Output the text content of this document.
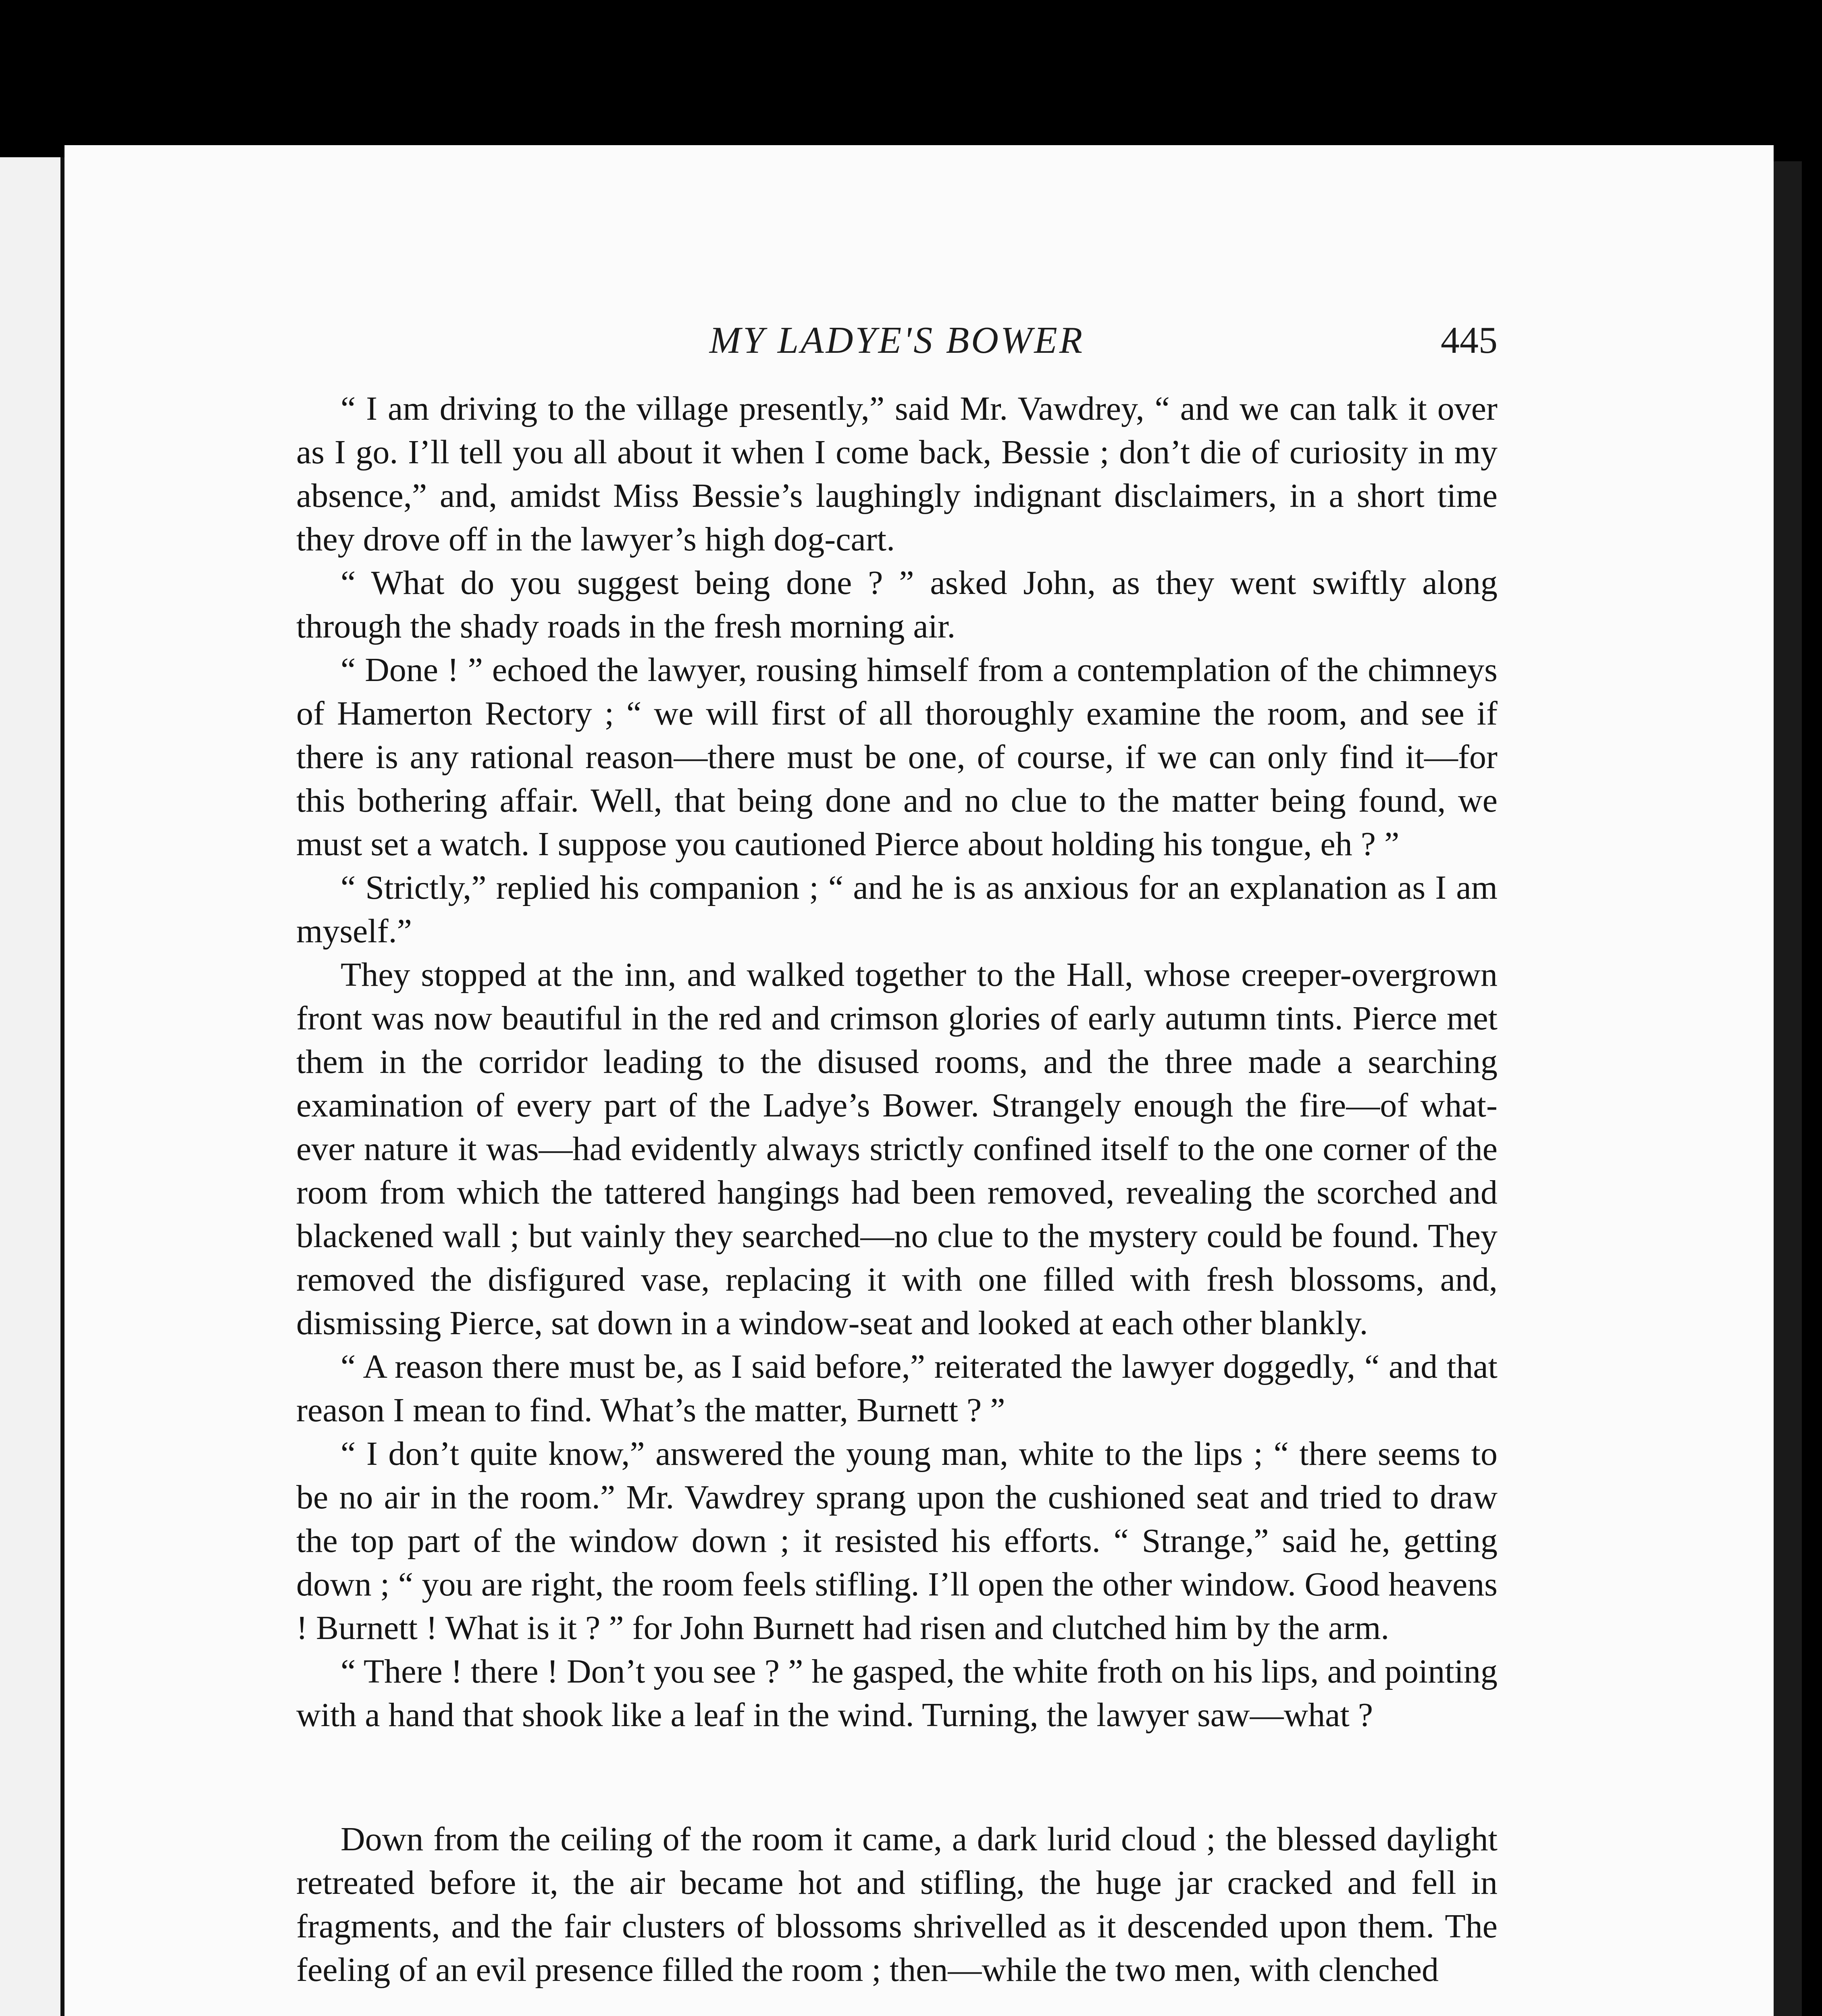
MY LADYE'S BOWER	445

“ I am driving to the village presently,” said Mr. Vawdrey, “ and we can talk it over as I go. I’ll tell you all about it when I come back, Bessie ; don’t die of curiosity in my absence,” and, amidst Miss Bessie’s laughingly indignant disclaimers, in a short time they drove off in the lawyer’s high dog-cart.

“ What do you suggest being done ? ” asked John, as they went swiftly along through the shady roads in the fresh morning air.

“ Done ! ” echoed the lawyer, rousing himself from a contemplation of the chimneys of Hamerton Rectory ; “ we will first of all thoroughly examine the room, and see if there is any rational reason—there must be one, of course, if we can only find it—for this bothering affair. Well, that being done and no clue to the matter being found, we must set a watch. I suppose you cautioned Pierce about holding his tongue, eh ? ”

“ Strictly,” replied his companion ; “ and he is as anxious for an explanation as I am myself.”

They stopped at the inn, and walked together to the Hall, whose creeper-overgrown front was now beautiful in the red and crimson glories of early autumn tints. Pierce met them in the corridor leading to the disused rooms, and the three made a searching examination of every part of the Ladye’s Bower. Strangely enough the fire—of what-ever nature it was—had evidently always strictly confined itself to the one corner of the room from which the tattered hangings had been removed, revealing the scorched and blackened wall ; but vainly they searched—no clue to the mystery could be found. They removed the disfigured vase, replacing it with one filled with fresh blossoms, and, dismissing Pierce, sat down in a window-seat and looked at each other blankly.

“ A reason there must be, as I said before,” reiterated the lawyer doggedly, “ and that reason I mean to find. What’s the matter, Burnett ? ”

“ I don’t quite know,” answered the young man, white to the lips ; “ there seems to be no air in the room.” Mr. Vawdrey sprang upon the cushioned seat and tried to draw the top part of the window down ; it resisted his efforts. “ Strange,” said he, getting down ; “ you are right, the room feels stifling. I’ll open the other window. Good heavens ! Burnett ! What is it ? ” for John Burnett had risen and clutched him by the arm.

“ There ! there ! Don’t you see ? ” he gasped, the white froth on his lips, and pointing with a hand that shook like a leaf in the wind. Turning, the lawyer saw—what ?

Down from the ceiling of the room it came, a dark lurid cloud ; the blessed daylight retreated before it, the air became hot and stifling, the huge jar cracked and fell in fragments, and the fair clusters of blossoms shrivelled as it descended upon them. The feeling of an evil presence filled the room ; then—while the two men, with clenched
